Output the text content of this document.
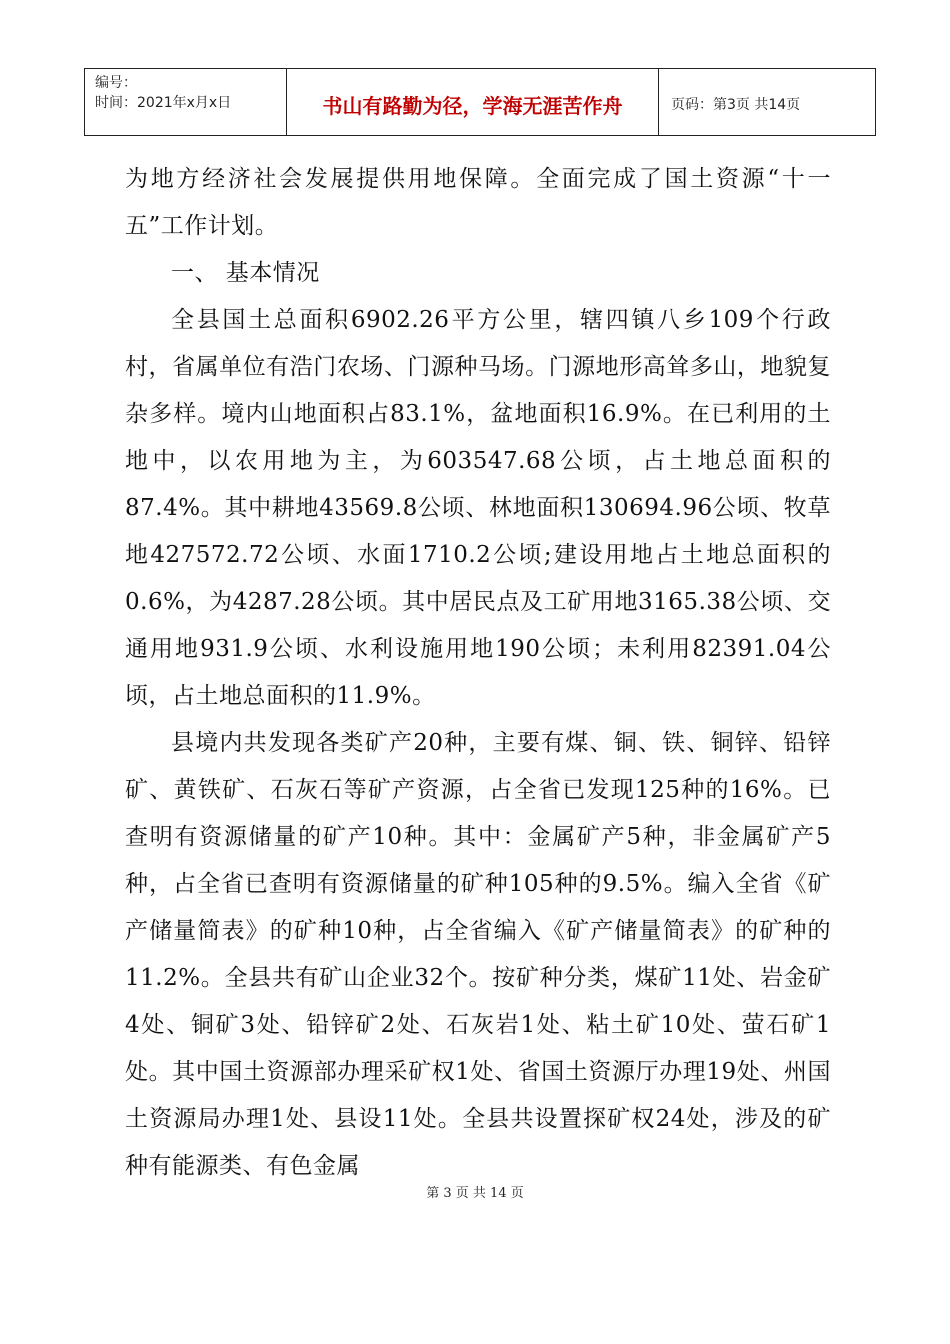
编号：
时间：2021年x月x日	书山有路勤为径，学海无涯苦作舟	页码：第3页 共14页

为地方经济社会发展提供用地保障。全面完成了国土资源“十一五”工作计划。

一、 基本情况

全县国土总面积6902.26平方公里，辖四镇八乡109个行政村，省属单位有浩门农场、门源种马场。门源地形高耸多山，地貌复杂多样。境内山地面积占83.1%，盆地面积16.9%。在已利用的土地中，以农用地为主，为603547.68公顷，占土地总面积的87.4%。其中耕地43569.8公顷、林地面积130694.96公顷、牧草地427572.72公顷、水面1710.2公顷;建设用地占土地总面积的0.6%，为4287.28公顷。其中居民点及工矿用地3165.38公顷、交通用地931.9公顷、水利设施用地190公顷；未利用82391.04公顷，占土地总面积的11.9%。

县境内共发现各类矿产20种，主要有煤、铜、铁、铜锌、铅锌矿、黄铁矿、石灰石等矿产资源，占全省已发现125种的16%。已查明有资源储量的矿产10种。其中：金属矿产5种，非金属矿产5种，占全省已查明有资源储量的矿种105种的9.5%。编入全省《矿产储量简表》的矿种10种，占全省编入《矿产储量简表》的矿种的11.2%。全县共有矿山企业32个。按矿种分类，煤矿11处、岩金矿4处、铜矿3处、铅锌矿2处、石灰岩1处、粘土矿10处、萤石矿1处。其中国土资源部办理采矿权1处、省国土资源厅办理19处、州国土资源局办理1处、县设11处。全县共设置探矿权24处，涉及的矿种有能源类、有色金属

第 3 页 共 14 页
